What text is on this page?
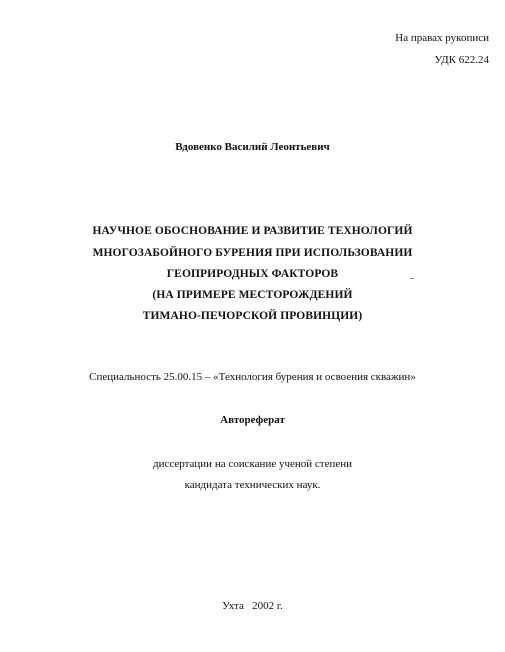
На правах рукописи
УДК 622.24
Вдовенко Василий Леонтьевич
НАУЧНОЕ ОБОСНОВАНИЕ И РАЗВИТИЕ ТЕХНОЛОГИЙ
МНОГОЗАБОЙНОГО БУРЕНИЯ ПРИ ИСПОЛЬЗОВАНИИ
ГЕОПРИРОДНЫХ ФАКТОРОВ
(НА ПРИМЕРЕ МЕСТОРОЖДЕНИЙ
ТИМАНО-ПЕЧОРСКОЙ ПРОВИНЦИИ)
Специальность 25.00.15 – «Технология бурения и освоения скважин»
Автореферат
диссертации на соискание ученой степени
кандидата технических наук.
Ухта   2002 г.
